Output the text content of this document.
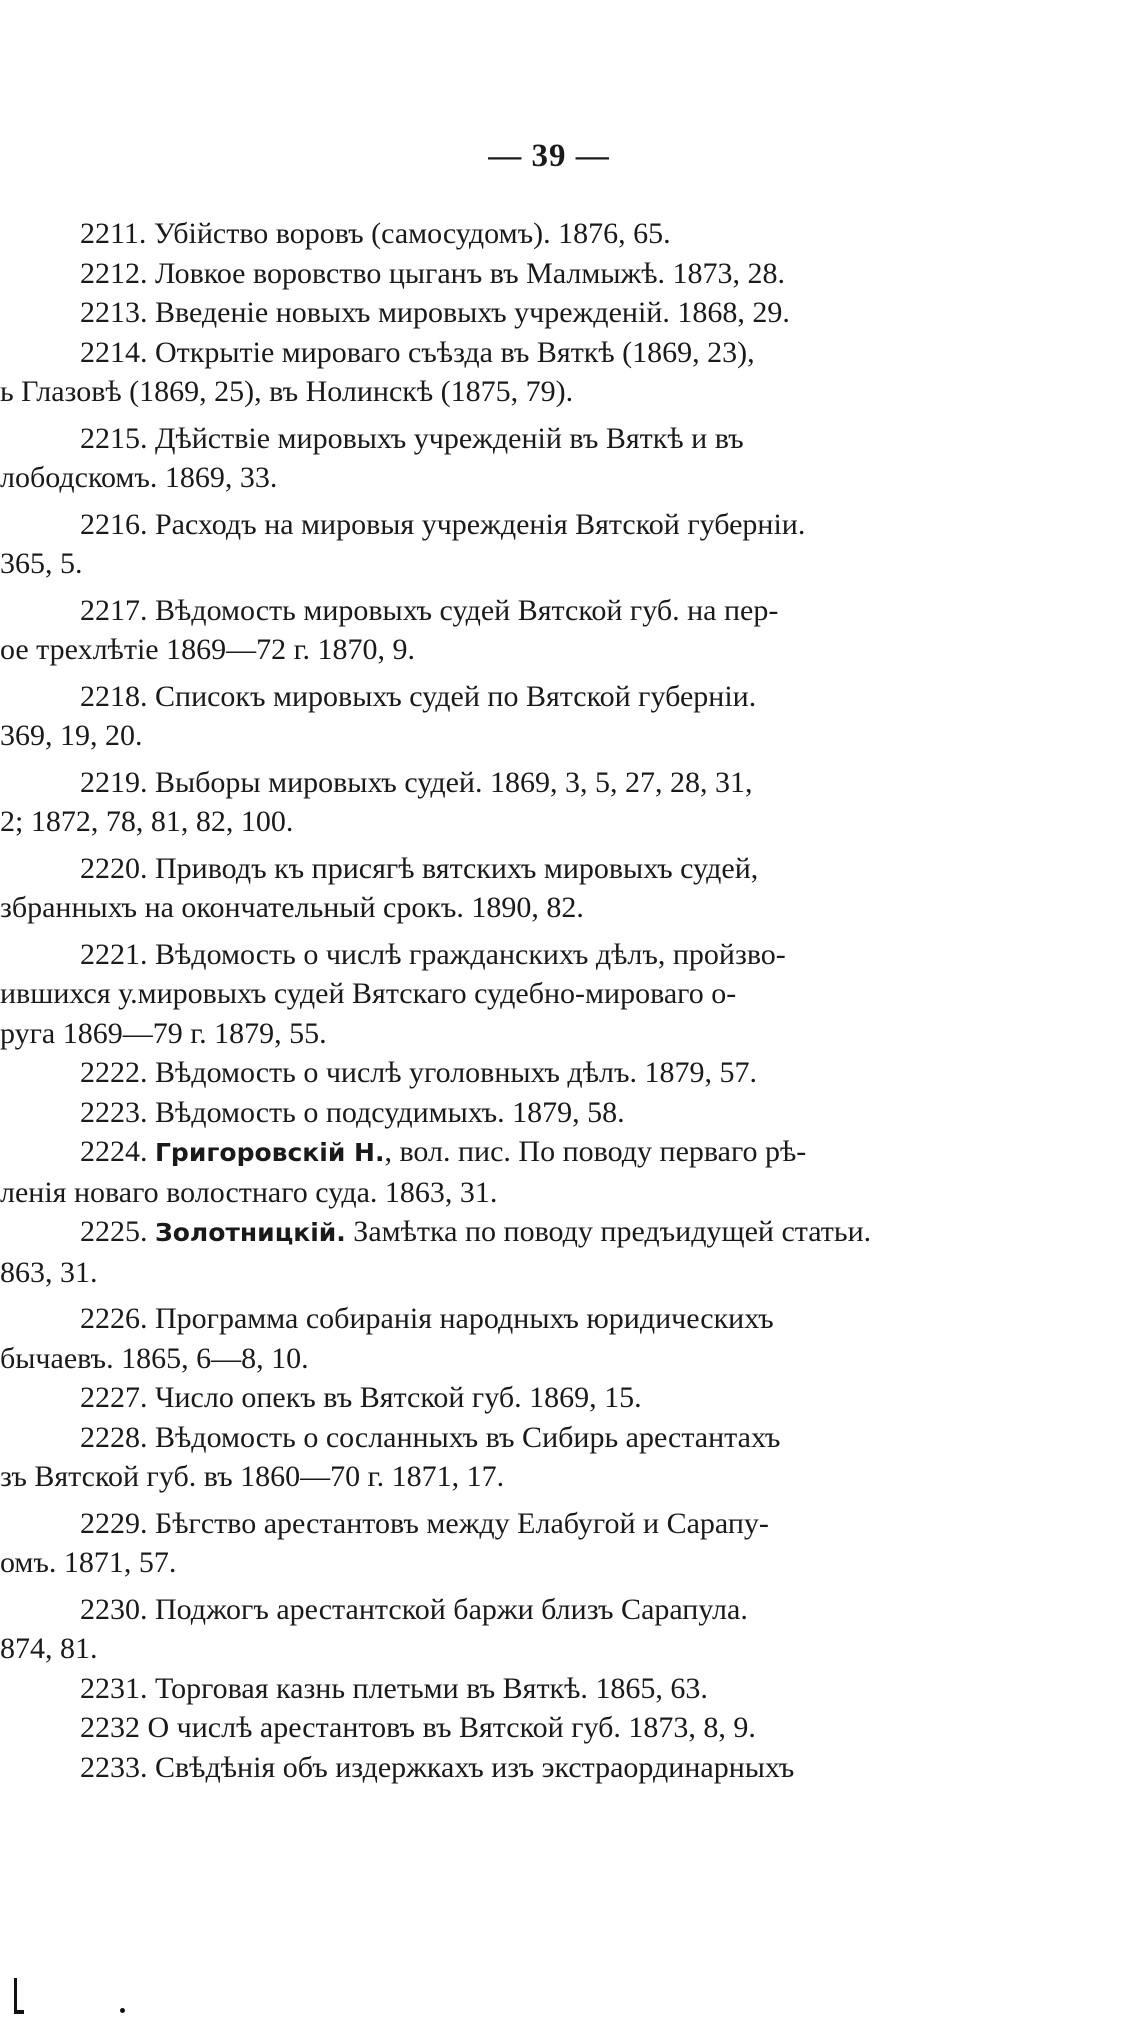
— 39 —
2211. Убійство воровъ (самосудомъ). 1876, 65.
2212. Ловкое воровство цыганъ въ Малмыжѣ. 1873, 28.
2213. Введеніе новыхъ мировыхъ учрежденій. 1868, 29.
2214. Открытіе мироваго съѣзда въ Вяткѣ (1869, 23),
ь Глазовѣ (1869, 25), въ Нолинскѣ (1875, 79).
2215. Дѣйствіе мировыхъ учрежденій въ Вяткѣ и въ
лободскомъ. 1869, 33.
2216. Расходъ на мировыя учрежденія Вятской губерніи.
365, 5.
2217. Вѣдомость мировыхъ судей Вятской губ. на пер-
ое трехлѣтіе 1869—72 г. 1870, 9.
2218. Списокъ мировыхъ судей по Вятской губерніи.
369, 19, 20.
2219. Выборы мировыхъ судей. 1869, 3, 5, 27, 28, 31,
2; 1872, 78, 81, 82, 100.
2220. Приводъ къ присягѣ вятскихъ мировыхъ судей,
збранныхъ на окончательный срокъ. 1890, 82.
2221. Вѣдомость о числѣ гражданскихъ дѣлъ, пройзво-
ившихся у.мировыхъ судей Вятскаго судебно-мироваго о-
руга 1869—79 г. 1879, 55.
2222. Вѣдомость о числѣ уголовныхъ дѣлъ. 1879, 57.
2223. Вѣдомость о подсудимыхъ. 1879, 58.
2224. Григоровскій Н., вол. пис. По поводу перваго рѣ-
ленія новаго волостнаго суда. 1863, 31.
2225. Золотницкій. Замѣтка по поводу предъидущей статьи.
863, 31.
2226. Программа собиранія народныхъ юридическихъ
бычаевъ. 1865, 6—8, 10.
2227. Число опекъ въ Вятской губ. 1869, 15.
2228. Вѣдомость о сосланныхъ въ Сибирь арестантахъ
зъ Вятской губ. въ 1860—70 г. 1871, 17.
2229. Бѣгство арестантовъ между Елабугой и Сарапу-
омъ. 1871, 57.
2230. Поджогъ арестантской баржи близъ Сарапула.
874, 81.
2231. Торговая казнь плетьми въ Вяткѣ. 1865, 63.
2232 О числѣ арестантовъ въ Вятской губ. 1873, 8, 9.
2233. Свѣдѣнія объ издержкахъ изъ экстраординарныхъ
